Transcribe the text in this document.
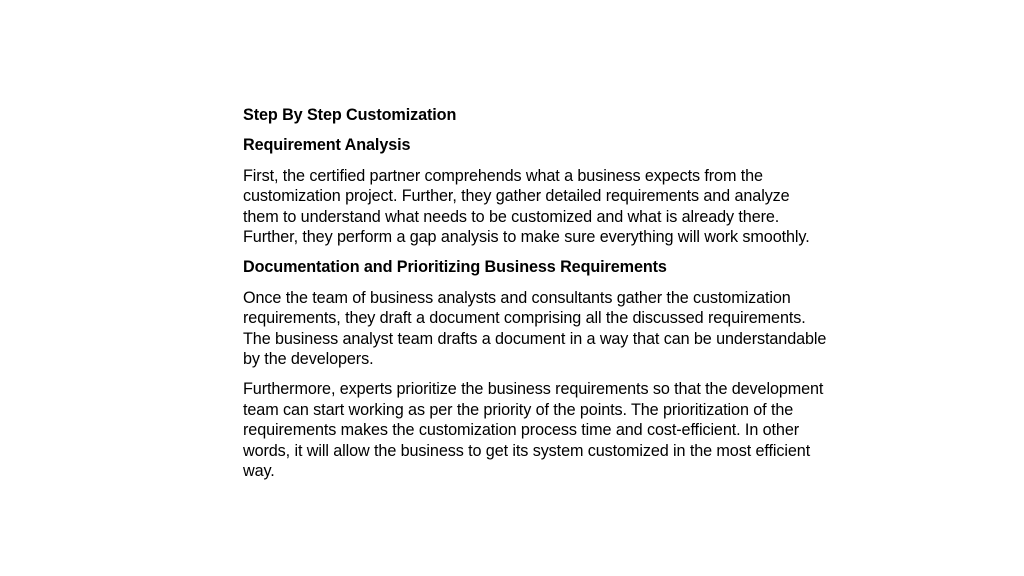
Step By Step Customization
Requirement Analysis
First, the certified partner comprehends what a business expects from the customization project. Further, they gather detailed requirements and analyze them to understand what needs to be customized and what is already there. Further, they perform a gap analysis to make sure everything will work smoothly.
Documentation and Prioritizing Business Requirements
Once the team of business analysts and consultants gather the customization requirements, they draft a document comprising all the discussed requirements. The business analyst team drafts a document in a way that can be understandable by the developers.
Furthermore, experts prioritize the business requirements so that the development team can start working as per the priority of the points. The prioritization of the requirements makes the customization process time and cost-efficient. In other words, it will allow the business to get its system customized in the most efficient way.
